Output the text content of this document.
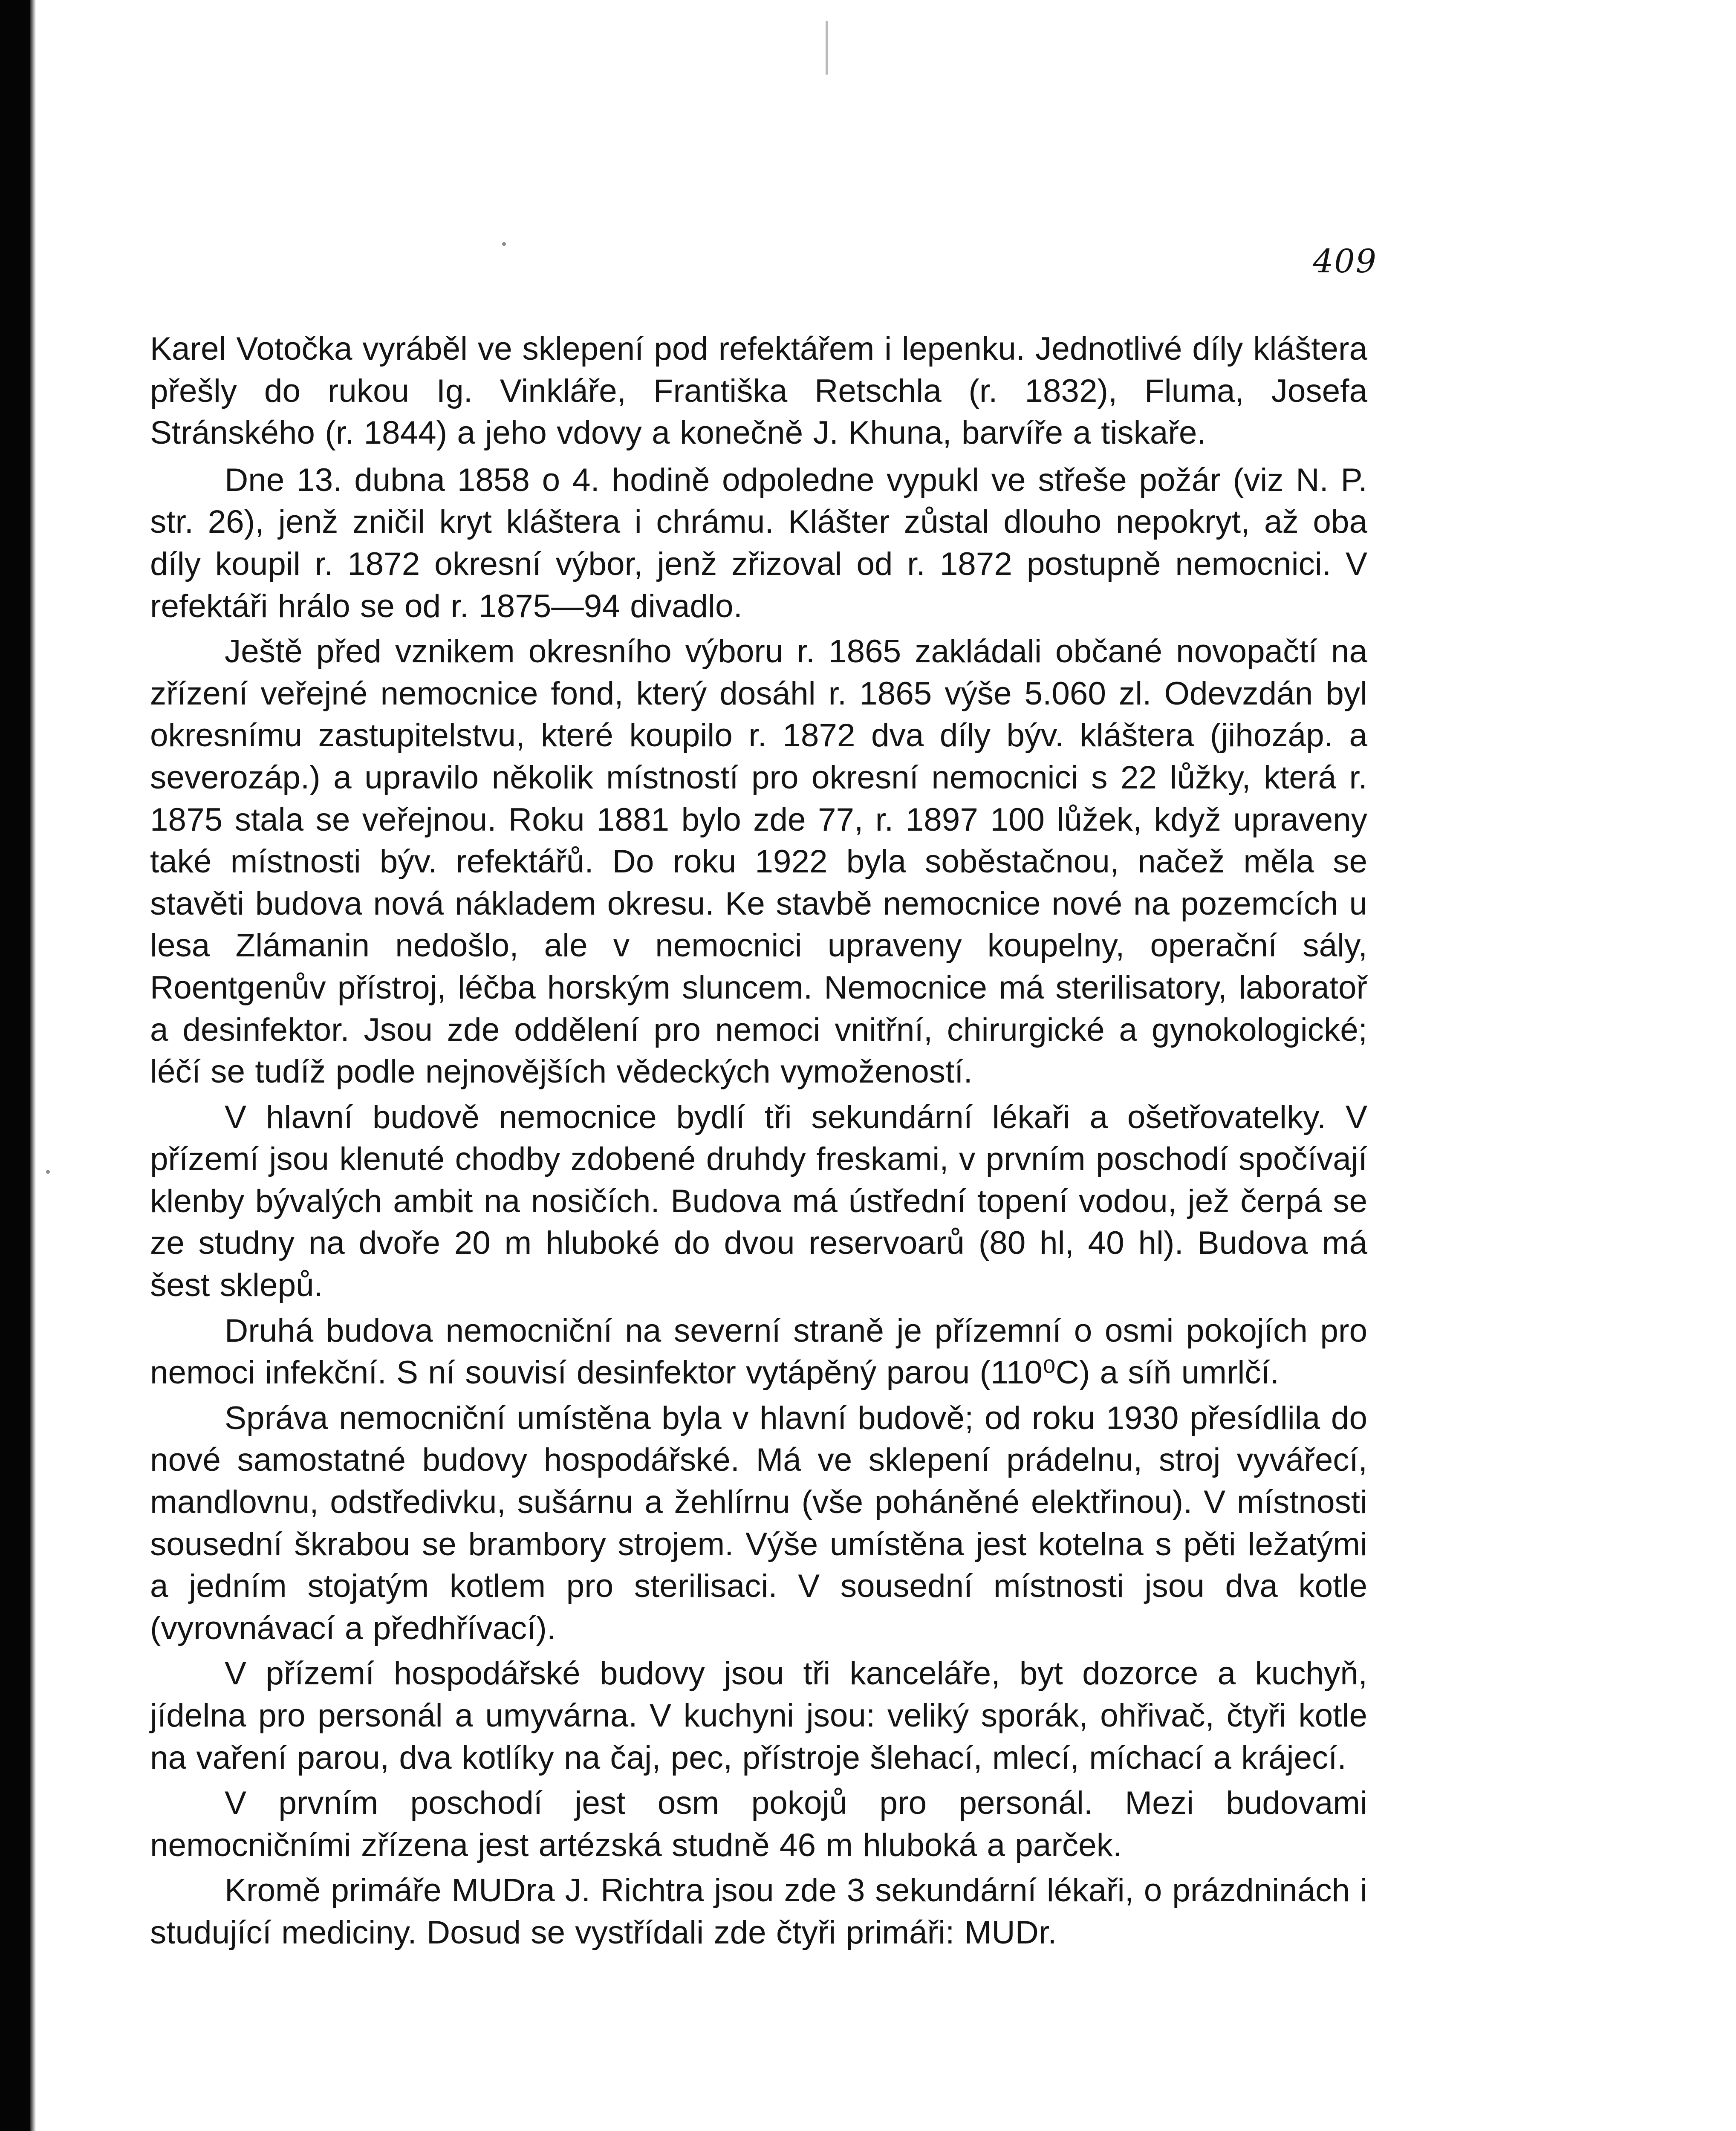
409

Karel Votočka vyráběl ve sklepení pod refektářem i lepenku. Jednotlivé díly kláštera přešly do rukou Ig. Vinkláře, Františka Retschla (r. 1832), Fluma, Josefa Stránského (r. 1844) a jeho vdovy a konečně J. Khuna, barvíře a tiskaře.

Dne 13. dubna 1858 o 4. hodině odpoledne vypukl ve střeše požár (viz N. P. str. 26), jenž zničil kryt kláštera i chrámu. Klášter zůstal dlouho nepokryt, až oba díly koupil r. 1872 okresní výbor, jenž zřizoval od r. 1872 postupně nemocnici. V refektáři hrálo se od r. 1875—94 divadlo.

Ještě před vznikem okresního výboru r. 1865 zakládali občané novopačtí na zřízení veřejné nemocnice fond, který dosáhl r. 1865 výše 5.060 zl. Odevzdán byl okresnímu zastupitelstvu, které koupilo r. 1872 dva díly býv. kláštera (jihozáp. a severozáp.) a upravilo několik místností pro okresní nemocnici s 22 lůžky, která r. 1875 stala se veřejnou. Roku 1881 bylo zde 77, r. 1897 100 lůžek, když upraveny také místnosti býv. refektářů. Do roku 1922 byla soběstačnou, načež měla se stavěti budova nová nákladem okresu. Ke stavbě nemocnice nové na pozemcích u lesa Zlámanin nedošlo, ale v nemocnici upraveny koupelny, operační sály, Roentgenův přístroj, léčba horským sluncem. Nemocnice má sterilisatory, laboratoř a desinfektor. Jsou zde oddělení pro nemoci vnitřní, chirurgické a gynokologické; léčí se tudíž podle nejnovějších vědeckých vymožeností.

V hlavní budově nemocnice bydlí tři sekundární lékaři a ošetřovatelky. V přízemí jsou klenuté chodby zdobené druhdy freskami, v prvním poschodí spočívají klenby bývalých ambit na nosičích. Budova má ústřední topení vodou, jež čerpá se ze studny na dvoře 20 m hluboké do dvou reservoarů (80 hl, 40 hl). Budova má šest sklepů.

Druhá budova nemocniční na severní straně je přízemní o osmi pokojích pro nemoci infekční. S ní souvisí desinfektor vytápěný parou (110⁰C) a síň umrlčí.

Správa nemocniční umístěna byla v hlavní budově; od roku 1930 přesídlila do nové samostatné budovy hospodářské. Má ve sklepení prádelnu, stroj vyvářecí, mandlovnu, odstředivku, sušárnu a žehlírnu (vše poháněné elektřinou). V místnosti sousední škrabou se brambory strojem. Výše umístěna jest kotelna s pěti ležatými a jedním stojatým kotlem pro sterilisaci. V sousední místnosti jsou dva kotle (vyrovnávací a předhřívací).

V přízemí hospodářské budovy jsou tři kanceláře, byt dozorce a kuchyň, jídelna pro personál a umyvárna. V kuchyni jsou: veliký sporák, ohřivač, čtyři kotle na vaření parou, dva kotlíky na čaj, pec, přístroje šlehací, mlecí, míchací a krájecí.

V prvním poschodí jest osm pokojů pro personál. Mezi budovami nemocničními zřízena jest artézská studně 46 m hluboká a parček.

Kromě primáře MUDra J. Richtra jsou zde 3 sekundární lékaři, o prázdninách i studující mediciny. Dosud se vystřídali zde čtyři primáři: MUDr.
